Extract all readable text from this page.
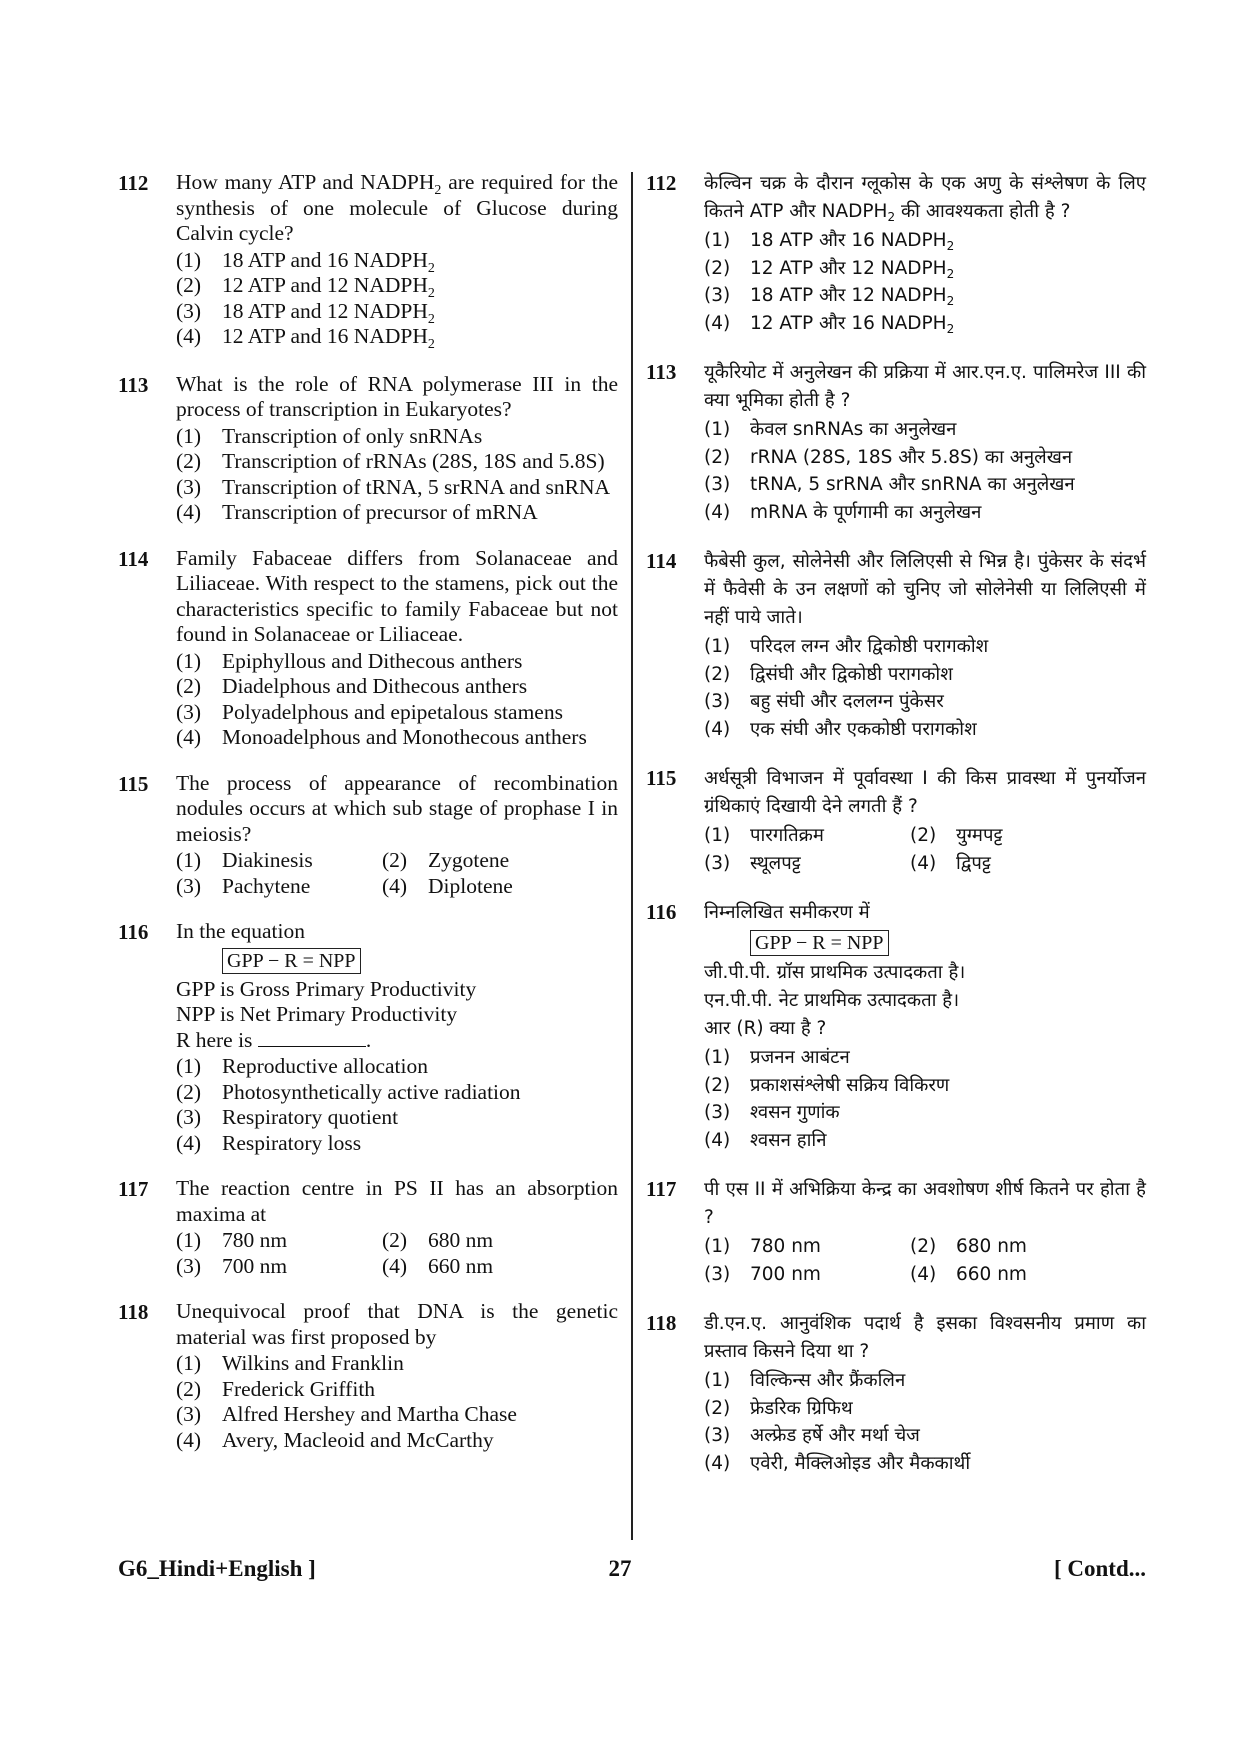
112 How many ATP and $NADPH_2$ are required for the synthesis of one molecule of Glucose during Calvin cycle?
(1) 18 ATP and 16 $NADPH_2$
(2) 12 ATP and 12 $NADPH_2$
(3) 18 ATP and 12 $NADPH_2$
(4) 12 ATP and 16 $NADPH_2$
113 What is the role of RNA polymerase III in the process of transcription in Eukaryotes?
(1) Transcription of only snRNAs
(2) Transcription of rRNAs (28S, 18S and 5.8S)
(3) Transcription of tRNA, 5 srRNA and snRNA
(4) Transcription of precursor of mRNA
114 Family Fabaceae differs from Solanaceae and Liliaceae. With respect to the stamens, pick out the characteristics specific to family Fabaceae but not found in Solanaceae or Liliaceae.
(1) Epiphyllous and Dithecous anthers
(2) Diadelphous and Dithecous anthers
(3) Polyadelphous and epipetalous stamens
(4) Monoadelphous and Monothecous anthers
115 The process of appearance of recombination nodules occurs at which sub stage of prophase I in meiosis?
(1) Diakinesis	(2) Zygotene
(3) Pachytene	(4) Diplotene
116 In the equation
GPP − R = NPP
GPP is Gross Primary Productivity
NPP is Net Primary Productivity
R here is	.
(1) Reproductive allocation
(2) Photosynthetically active radiation
(3) Respiratory quotient
(4) Respiratory loss
117 The reaction centre in PS II has an absorption maxima at
(1) 780 nm	(2) 680 nm
(3) 700 nm	(4) 660 nm
118 Unequivocal proof that DNA is the genetic material was first proposed by
(1) Wilkins and Franklin
(2) Frederick Griffith
(3) Alfred Hershey and Martha Chase
(4) Avery, Macleoid and McCarthy
112 केल्विन चक्र के दौरान ग्लूकोस के एक अणु के संश्लेषण के लिए कितने ATP और $NADPH_2$ की आवश्यकता होती है ?
(1) 18 ATP और 16 $NADPH_2$
(2) 12 ATP और 12 $NADPH_2$
(3) 18 ATP और 12 $NADPH_2$
(4) 12 ATP और 16 $NADPH_2$
113 यूकैरियोट में अनुलेखन की प्रक्रिया में आर.एन.ए. पालिमरेज III की क्या भूमिका होती है ?
(1) केवल snRNAs का अनुलेखन
(2) rRNA (28S, 18S और 5.8S) का अनुलेखन
(3) tRNA, 5 srRNA और snRNA का अनुलेखन
(4) mRNA के पूर्णगामी का अनुलेखन
114 फैबेसी कुल, सोलेनेसी और लिलिएसी से भिन्न है। पुंकेसर के संदर्भ में फैवेसी के उन लक्षणों को चुनिए जो सोलेनेसी या लिलिएसी में नहीं पाये जाते।
(1) परिदल लग्न और द्विकोष्ठी परागकोश
(2) द्विसंघी और द्विकोष्ठी परागकोश
(3) बहु संघी और दललग्न पुंकेसर
(4) एक संघी और एककोष्ठी परागकोश
115 अर्धसूत्री विभाजन में पूर्वावस्था I की किस प्रावस्था में पुनर्योजन ग्रंथिकाएं दिखायी देने लगती हैं ?
(1) पारगतिक्रम	(2) युग्मपट्ट
(3) स्थूलपट्ट	(4) द्विपट्ट
116 निम्नलिखित समीकरण में
GPP − R = NPP
जी.पी.पी. ग्रॉस प्राथमिक उत्पादकता है।
एन.पी.पी. नेट प्राथमिक उत्पादकता है।
आर (R) क्या है ?
(1) प्रजनन आबंटन
(2) प्रकाशसंश्लेषी सक्रिय विकिरण
(3) श्वसन गुणांक
(4) श्वसन हानि
117 पी एस II में अभिक्रिया केन्द्र का अवशोषण शीर्ष कितने पर होता है ?
(1) 780 nm	(2) 680 nm
(3) 700 nm	(4) 660 nm
118 डी.एन.ए. आनुवंशिक पदार्थ है इसका विश्वसनीय प्रमाण का प्रस्ताव किसने दिया था ?
(1) विल्किन्स और फ्रैंकलिन
(2) फ्रेडरिक ग्रिफिथ
(3) अल्फ्रेड हर्षे और मर्था चेज
(4) एवेरी, मैक्लिओइड और मैककार्थी
G6_Hindi+English ]	27	[ Contd...
